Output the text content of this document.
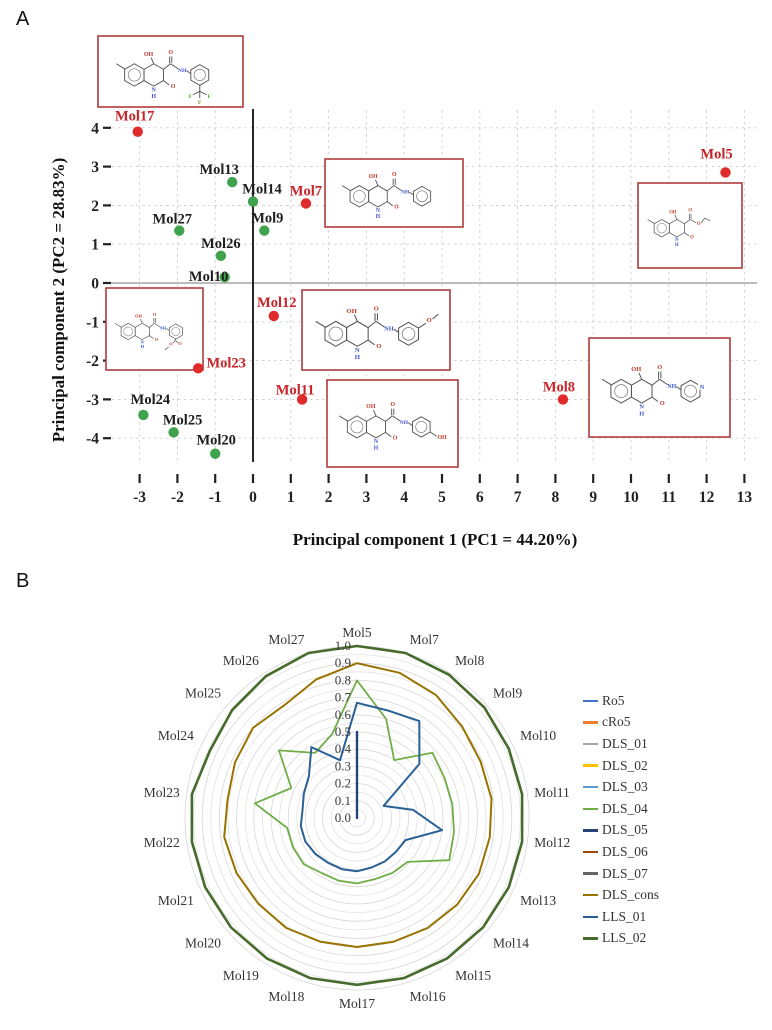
A
B
-3 -2 -1 0 1 2 3 4 5 6 7 8 9 10 11 12 13
-4
-3
-2
-1
0
1
2
3
4
Principal component 1 (PC1 = 44.20%)
Principal component 2 (PC2 = 28.83%)
OH
O
N
H
O
NH
F F
F
OH
O
N
H
O
NH
OH
O
N
H
O
O
OH
O
N
H
O
NH
O O
OH
O
N
H
O
NH
O
OH
O
N
H
O
NH
OH
OH
O
N
H
O
NH	N
Mol17
Mol13
Mol14 Mol7
Mol27	Mol9
Mol26
Mol10
Mol5
Mol12
Mol23
Mol11	Mol8
Mol24
Mol25
Mol20
0.0
0.1
0.2
0.3
0.4
0.5
0.6
0.7
0.8
0.9
1.0
Mol5	Mol7
Mol8
Mol9
Mol10
Mol11
Mol12
Mol13
Mol14
Mol15
Mol16
Mol17
Mol18
Mol19
Mol20
Mol21
Mol22
Mol23
Mol24
Mol25
Mol26
Mol27
Ro5
cRo5
DLS_01
DLS_02
DLS_03
DLS_04
DLS_05
DLS_06
DLS_07
DLS_cons
LLS_01
LLS_02
